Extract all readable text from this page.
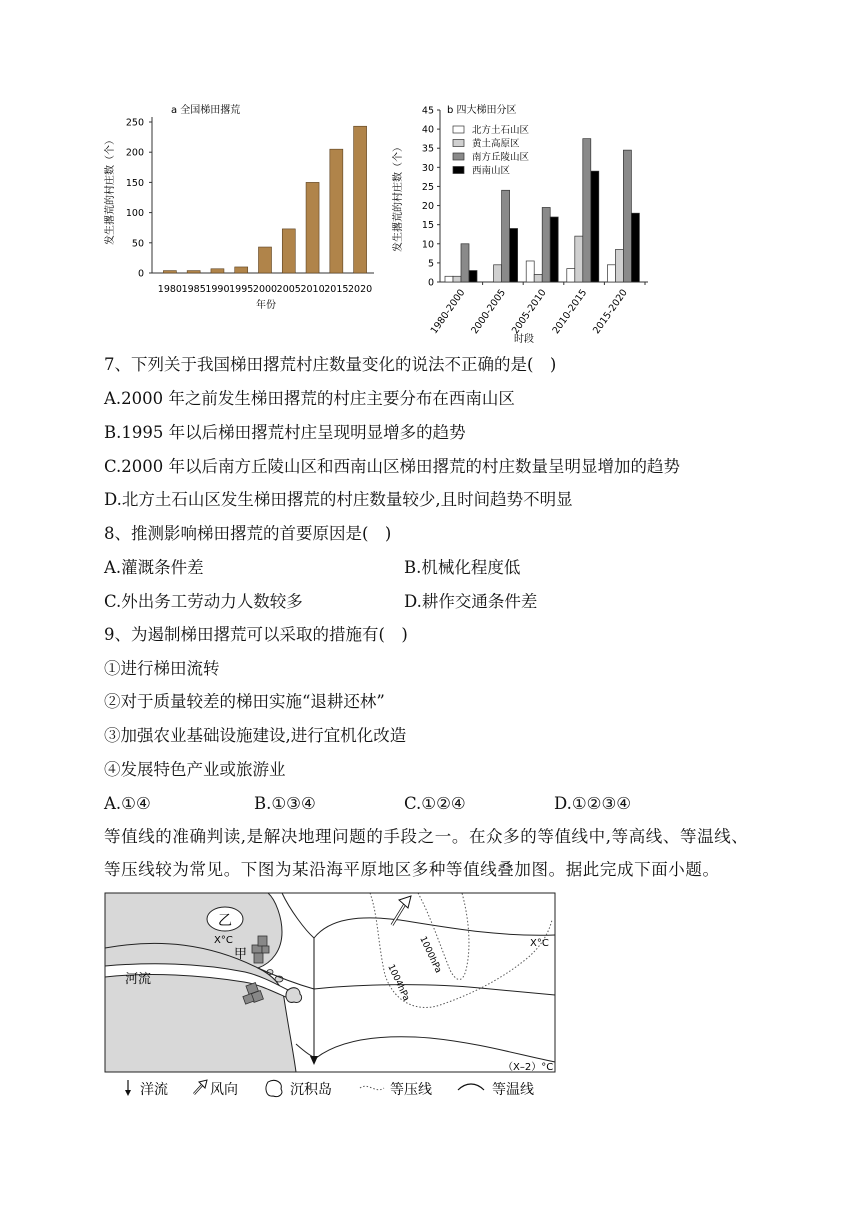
a 全国梯田撂荒
1980 1985 1990 1995 2000 2005 2010 2015 2020
0
50
100
150
200
250
年份
发生撂荒的村庄数（个）
b 四大梯田分区
1980-2000 2000-2005 2005-2010 2010-2015 2015-2020
0
5
10
15
20
25
30
35
40
45
北方土石山区
黄土高原区
南方丘陵山区
西南山区
时段
发生撂荒的村庄数（个）
7、下列关于我国梯田撂荒村庄数量变化的说法不正确的是(　)
A.2000 年之前发生梯田撂荒的村庄主要分布在西南山区
B.1995 年以后梯田撂荒村庄呈现明显增多的趋势
C.2000 年以后南方丘陵山区和西南山区梯田撂荒的村庄数量呈明显增加的趋势
D.北方土石山区发生梯田撂荒的村庄数量较少,且时间趋势不明显
8、推测影响梯田撂荒的首要原因是(　)
A.灌溉条件差	B.机械化程度低
C.外出务工劳动力人数较多	D.耕作交通条件差
9、为遏制梯田撂荒可以采取的措施有(　)
①进行梯田流转
②对于质量较差的梯田实施“退耕还林”
③加强农业基础设施建设,进行宜机化改造
④发展特色产业或旅游业
A.①④	B.①③④	C.①②④	D.①②③④
等值线的准确判读,是解决地理问题的手段之一。在众多的等值线中,等高线、等温线、等压线较为常见。下图为某沿海平原地区多种等值线叠加图。据此完成下面小题。
乙
X°C
甲
河流
1000hPa
1004hPa
X°C
（X–2）°C
洋流	风向	沉积岛	等压线	等温线
